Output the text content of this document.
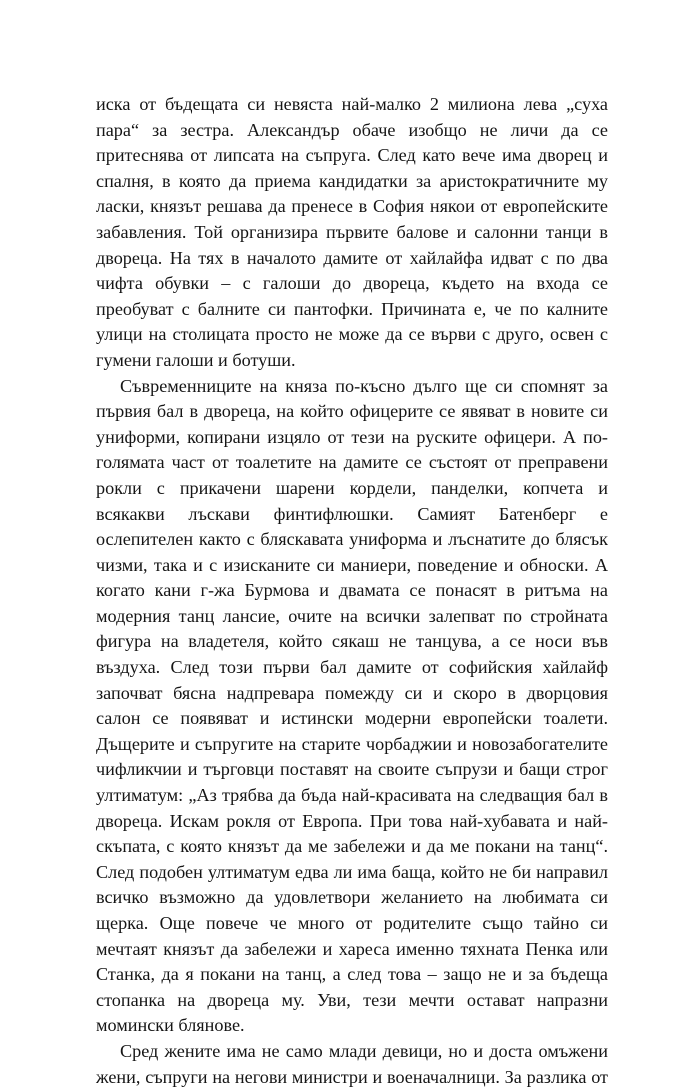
иска от бъдещата си невяста най-малко 2 милиона лева „суха
пара“ за зестра. Александър обаче изобщо не личи да се
притеснява от липсата на съпруга. След като вече има дворец и
спалня, в която да приема кандидатки за аристократичните му
ласки, князът решава да пренесе в София някои от европейските
забавления. Той организира първите балове и салонни танци в
двореца. На тях в началото дамите от хайлайфа идват с по два
чифта обувки – с галоши до двореца, където на входа се
преобуват с балните си пантофки. Причината е, че по калните
улици на столицата просто не може да се върви с друго, освен с
гумени галоши и ботуши.
Съвременниците на княза по-късно дълго ще си спомнят за
първия бал в двореца, на който офицерите се явяват в новите си
униформи, копирани изцяло от тези на руските офицери. А по-
голямата част от тоалетите на дамите се състоят от преправени
рокли с прикачени шарени кордели, панделки, копчета и
всякакви лъскави финтифлюшки. Самият Батенберг е
ослепителен както с бляскавата униформа и лъснатите до блясък
чизми, така и с изисканите си маниери, поведение и обноски. А
когато кани г-жа Бурмова и двамата се понасят в ритъма на
модерния танц лансие, очите на всички залепват по стройната
фигура на владетеля, който сякаш не танцува, а се носи във
въздуха. След този първи бал дамите от софийския хайлайф
започват бясна надпревара помежду си и скоро в дворцовия
салон се появяват и истински модерни европейски тоалети.
Дъщерите и съпругите на старите чорбаджии и новозабогателите
чифликчии и търговци поставят на своите съпрузи и бащи строг
ултиматум: „Аз трябва да бъда най-красивата на следващия бал в
двореца. Искам рокля от Европа. При това най-хубавата и най-
скъпата, с която князът да ме забележи и да ме покани на танц“.
След подобен ултиматум едва ли има баща, който не би направил
всичко възможно да удовлетвори желанието на любимата си
щерка. Още повече че много от родителите също тайно си
мечтаят князът да забележи и хареса именно тяхната Пенка или
Станка, да я покани на танц, а след това – защо не и за бъдеща
стопанка на двореца му. Уви, тези мечти остават напразни
момински блянове.
Сред жените има не само млади девици, но и доста омъжени
жени, съпруги на негови министри и военачалници. За разлика от
